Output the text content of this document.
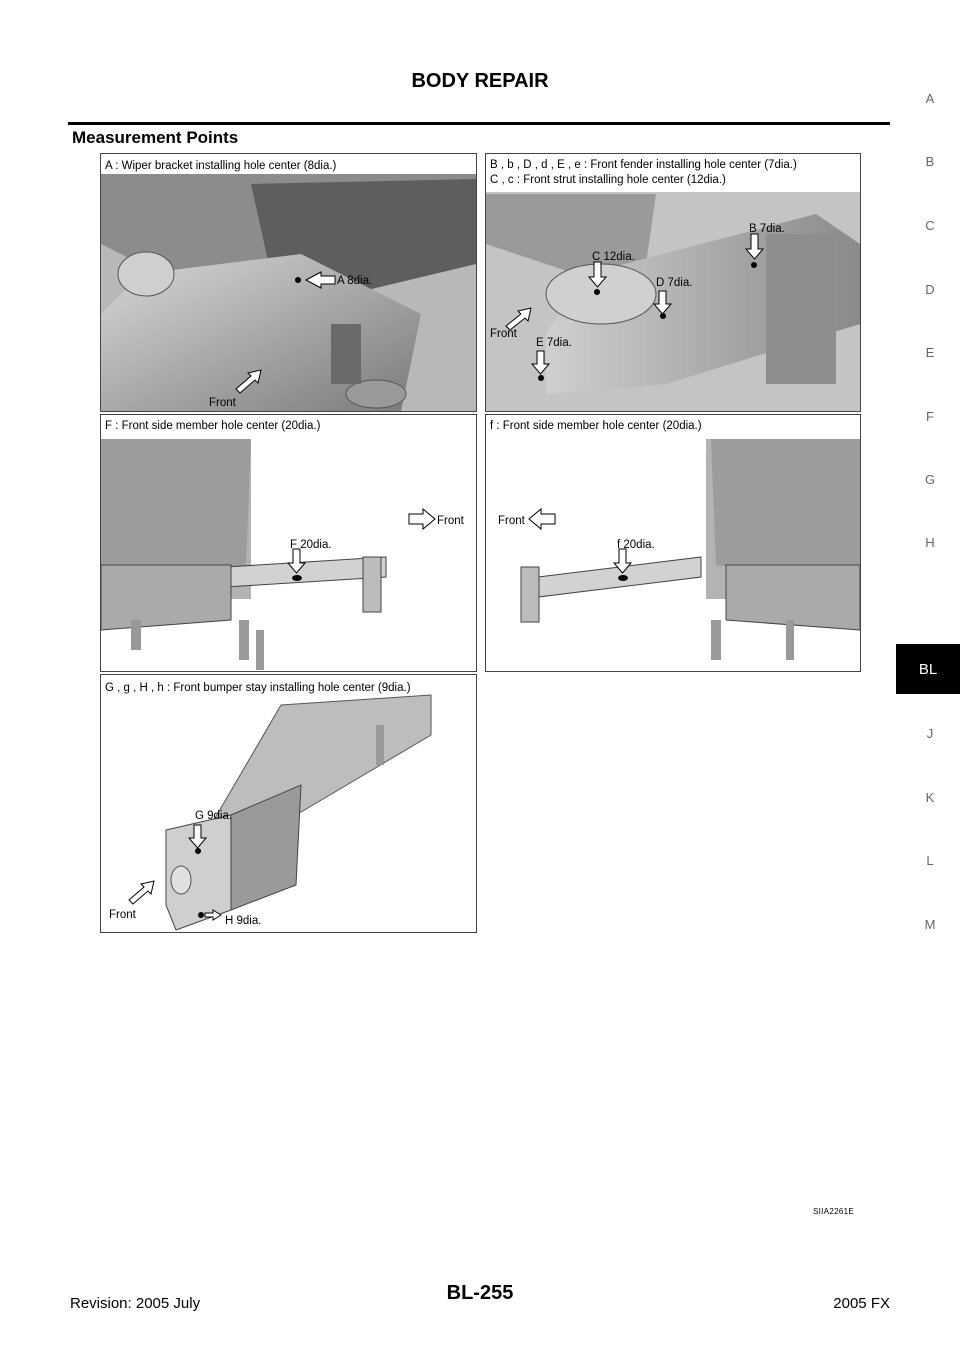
BODY REPAIR
Measurement Points
A
B
C
D
E
F
G
H
J
K
L
M
BL
A : Wiper bracket installing hole center (8dia.)
A 8dia.
Front
B , b , D , d , E , e : Front fender installing hole center (7dia.)
C , c : Front strut installing hole center (12dia.)
B 7dia.
C 12dia.
D 7dia.
E 7dia.
Front
F : Front side member hole center (20dia.)
F 20dia.
Front
f : Front side member hole center (20dia.)
f 20dia.
Front
G , g , H , h : Front bumper stay installing hole center (9dia.)
G 9dia.
H 9dia.
Front
SIIA2261E
Revision: 2005 July	BL-255	2005 FX
